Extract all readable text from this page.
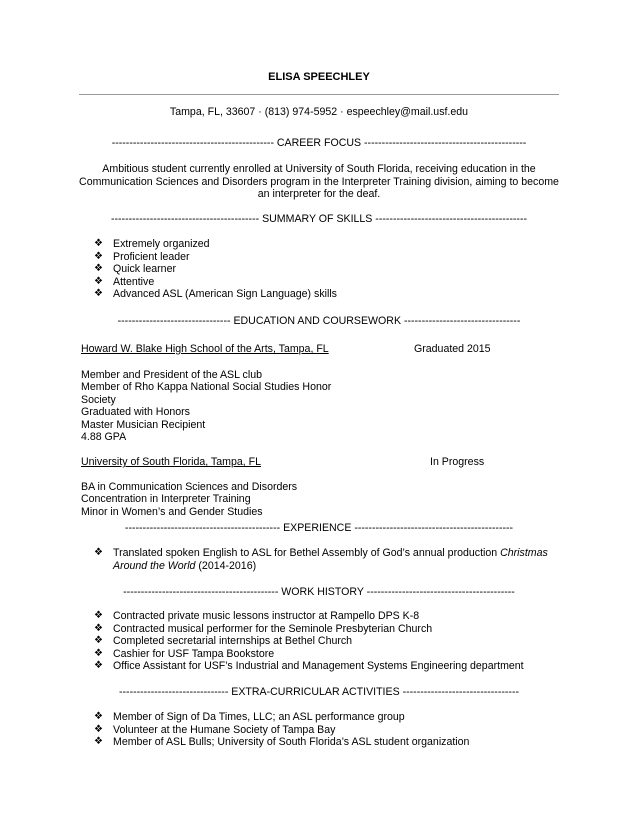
ELISA SPEECHLEY
Tampa, FL, 33607 · (813) 974-5952 · espeechley@mail.usf.edu
---------------------------------------------- CAREER FOCUS ----------------------------------------------
Ambitious student currently enrolled at University of South Florida, receiving education in the Communication Sciences and Disorders program in the Interpreter Training division, aiming to become an interpreter for the deaf.
------------------------------------------ SUMMARY OF SKILLS -------------------------------------------
❖ Extremely organized
❖ Proficient leader
❖ Quick learner
❖ Attentive
❖ Advanced ASL (American Sign Language) skills
-------------------------------- EDUCATION AND COURSEWORK ---------------------------------
Howard W. Blake High School of the Arts, Tampa, FL	Graduated 2015
Member and President of the ASL club
Member of Rho Kappa National Social Studies Honor
Society
Graduated with Honors
Master Musician Recipient
4.88 GPA
University of South Florida, Tampa, FL	In Progress
BA in Communication Sciences and Disorders
Concentration in Interpreter Training
Minor in Women’s and Gender Studies
-------------------------------------------- EXPERIENCE ---------------------------------------------
❖ Translated spoken English to ASL for Bethel Assembly of God’s annual production Christmas Around the World (2014-2016)
-------------------------------------------- WORK HISTORY ------------------------------------------
❖ Contracted private music lessons instructor at Rampello DPS K-8
❖ Contracted musical performer for the Seminole Presbyterian Church
❖ Completed secretarial internships at Bethel Church
❖ Cashier for USF Tampa Bookstore
❖ Office Assistant for USF’s Industrial and Management Systems Engineering department
------------------------------- EXTRA-CURRICULAR ACTIVITIES ---------------------------------
❖ Member of Sign of Da Times, LLC; an ASL performance group
❖ Volunteer at the Humane Society of Tampa Bay
❖ Member of ASL Bulls; University of South Florida’s ASL student organization
